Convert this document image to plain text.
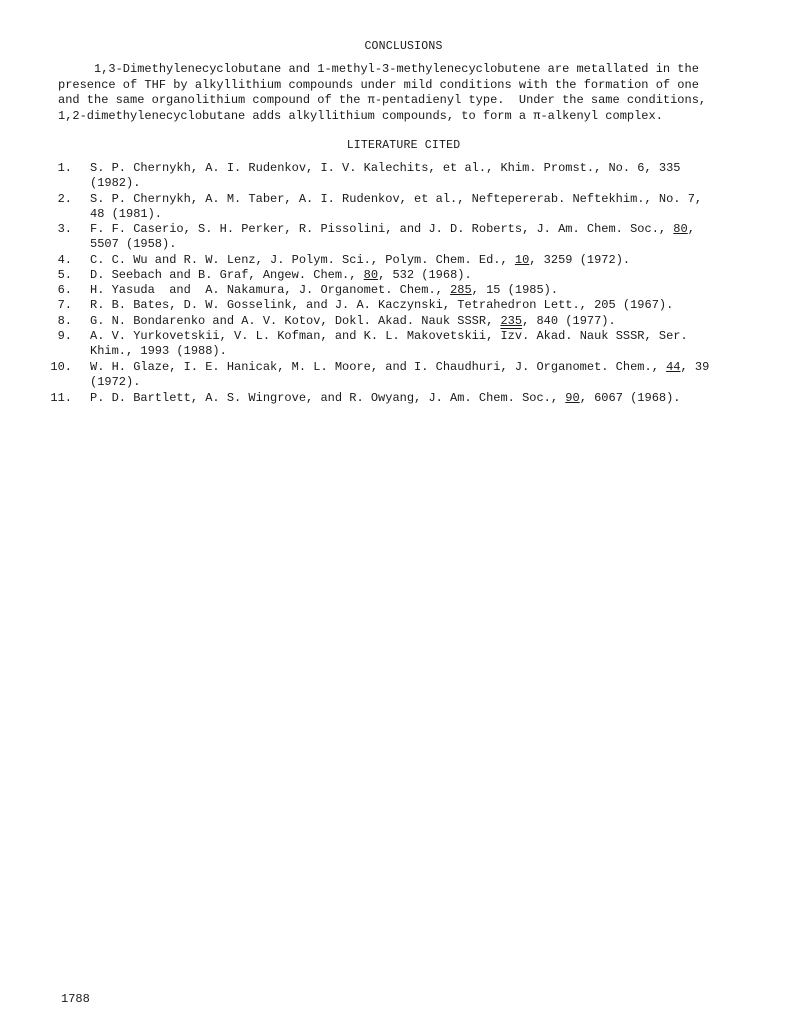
CONCLUSIONS

1,3-Dimethylenecyclobutane and 1-methyl-3-methylenecyclobutene are metallated in the
presence of THF by alkyllithium compounds under mild conditions with the formation of one
and the same organolithium compound of the π-pentadienyl type.  Under the same conditions,
1,2-dimethylenecyclobutane adds alkyllithium compounds, to form a π-alkenyl complex.

LITERATURE CITED
1. S. P. Chernykh, A. I. Rudenkov, I. V. Kalechits, et al., Khim. Promst., No. 6, 335
(1982).
2. S. P. Chernykh, A. M. Taber, A. I. Rudenkov, et al., Neftepererab. Neftekhim., No. 7,
48 (1981).
3. F. F. Caserio, S. H. Perker, R. Pissolini, and J. D. Roberts, J. Am. Chem. Soc., 80,
5507 (1958).
4. C. C. Wu and R. W. Lenz, J. Polym. Sci., Polym. Chem. Ed., 10, 3259 (1972).
5. D. Seebach and B. Graf, Angew. Chem., 80, 532 (1968).
6. H. Yasuda  and  A. Nakamura, J. Organomet. Chem., 285, 15 (1985).
7. R. B. Bates, D. W. Gosselink, and J. A. Kaczynski, Tetrahedron Lett., 205 (1967).
8. G. N. Bondarenko and A. V. Kotov, Dokl. Akad. Nauk SSSR, 235, 840 (1977).
9. A. V. Yurkovetskii, V. L. Kofman, and K. L. Makovetskii, $\overline{Izv}$. Akad. Nauk SSSR, Ser.
Khim., 1993 (1988).
10. W. H. Glaze, I. E. Hanicak, M. L. Moore, and I. Chaudhuri, J. Organomet. Chem., 44, 39
(1972).
11. P. D. Bartlett, A. S. Wingrove, and R. Owyang, J. Am. Chem. Soc., 90, 6067 (1968).
1788
